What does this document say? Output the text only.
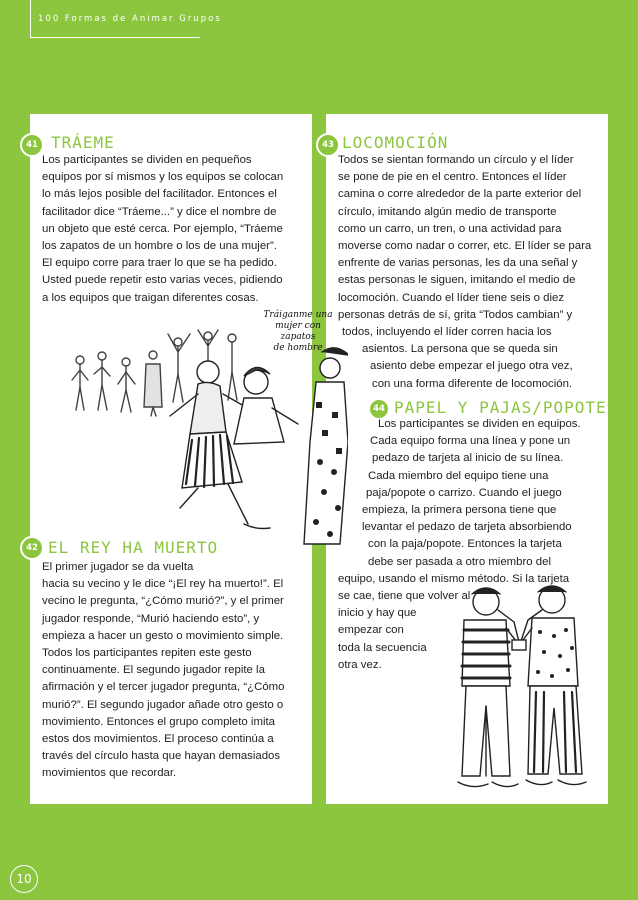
100 Formas de Animar Grupos
41 TRÁEME
Los participantes se dividen en pequeños
equipos por sí mismos y los equipos se colocan
lo más lejos posible del facilitador. Entonces el
facilitador dice “Tráeme...” y dice el nombre de
un objeto que esté cerca. Por ejemplo, “Tráeme
los zapatos de un hombre o los de una mujer”.
El equipo corre para traer lo que se ha pedido.
Usted puede repetir esto varias veces, pidiendo
a los equipos que traigan diferentes cosas.
Tráiganme una
mujer con zapatos
de hombre
42 EL REY HA MUERTO
El primer jugador se da vuelta
hacia su vecino y le dice “¡El rey ha muerto!”. El
vecino le pregunta, “¿Cómo murió?”, y el primer
jugador responde, “Murió haciendo esto”, y
empieza a hacer un gesto o movimiento simple.
Todos los participantes repiten este gesto
continuamente. El segundo jugador repite la
afirmación y el tercer jugador pregunta, “¿Cómo
murió?”. El segundo jugador añade otro gesto o
movimiento. Entonces el grupo completo imita
estos dos movimientos. El proceso continúa a
través del círculo hasta que hayan demasiados
movimientos que recordar.
43 LOCOMOCIÓN
Todos se sientan formando un círculo y el líder
se pone de pie en el centro. Entonces el líder
camina o corre alrededor de la parte exterior del
círculo, imitando algún medio de transporte
como un carro, un tren, o una actividad para
moverse como nadar o correr, etc. El líder se para
enfrente de varias personas, les da una señal y
estas personas le siguen, imitando el medio de
locomoción. Cuando el líder tiene seis o diez
personas detrás de sí, grita “Todos cambian” y
todos, incluyendo el líder corren hacia los
asientos. La persona que se queda sin
asiento debe empezar el juego otra vez,
con una forma diferente de locomoción.
44 PAPEL Y PAJAS/POPOTES
Los participantes se dividen en equipos.
Cada equipo forma una línea y pone un
pedazo de tarjeta al inicio de su línea.
Cada miembro del equipo tiene una
paja/popote o carrizo. Cuando el juego
empieza, la primera persona tiene que
levantar el pedazo de tarjeta absorbiendo
con la paja/popote. Entonces la tarjeta
debe ser pasada a otro miembro del
equipo, usando el mismo método. Si la tarjeta
se cae, tiene que volver al
inicio y hay que
empezar con
toda la secuencia
otra vez.
10
